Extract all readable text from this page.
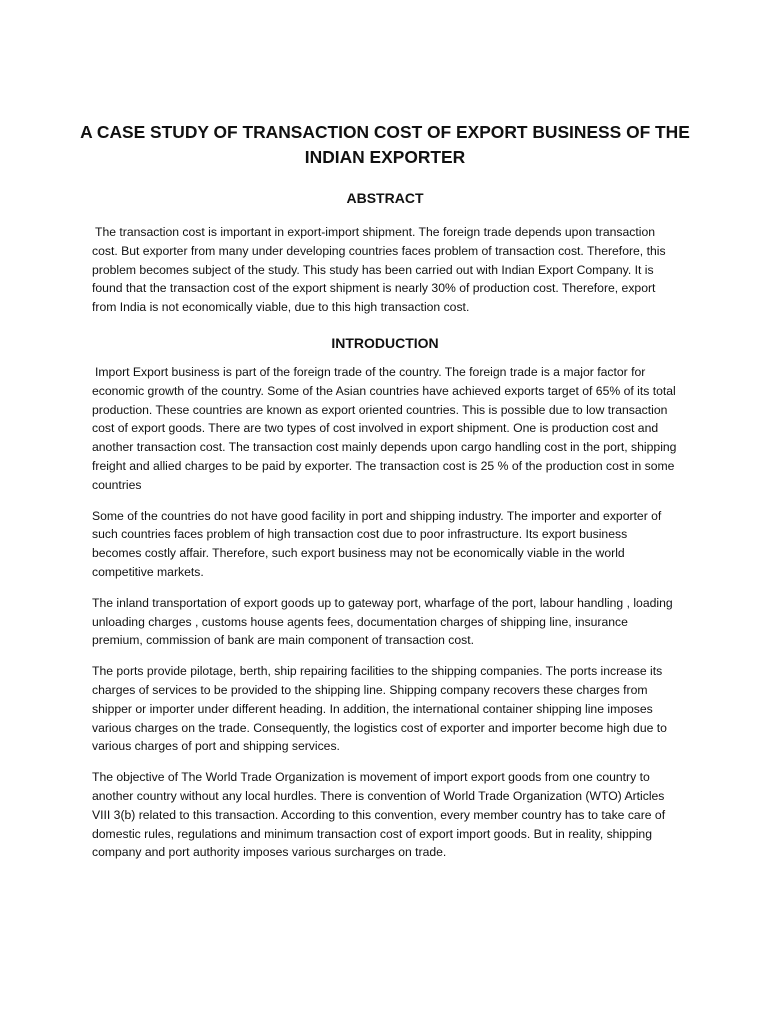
A CASE STUDY OF TRANSACTION COST OF EXPORT BUSINESS OF THE INDIAN EXPORTER
ABSTRACT

The transaction cost is important in export-import shipment. The foreign trade depends upon transaction cost. But exporter from many under developing countries faces problem of transaction cost. Therefore, this problem becomes subject of the study. This study has been carried out with Indian Export Company. It is found that the transaction cost of the export shipment is nearly 30% of production cost. Therefore, export from India is not economically viable, due to this high transaction cost.

INTRODUCTION

Import Export business is part of the foreign trade of the country. The foreign trade is a major factor for economic growth of the country. Some of the Asian countries have achieved exports target of 65% of its total production. These countries are known as export oriented countries. This is possible due to low transaction cost of export goods. There are two types of cost involved in export shipment. One is production cost and another transaction cost. The transaction cost mainly depends upon cargo handling cost in the port, shipping freight and allied charges to be paid by exporter. The transaction cost is 25 % of the production cost in some countries

Some of the countries do not have good facility in port and shipping industry. The importer and exporter of such countries faces problem of high transaction cost due to poor infrastructure. Its export business becomes costly affair. Therefore, such export business may not be economically viable in the world competitive markets.

The inland transportation of export goods up to gateway port, wharfage of the port, labour handling , loading unloading charges , customs house agents fees, documentation charges of shipping line, insurance premium, commission of bank are main component of transaction cost.

The ports provide pilotage, berth, ship repairing facilities to the shipping companies. The ports increase its charges of services to be provided to the shipping line. Shipping company recovers these charges from shipper or importer under different heading. In addition, the international container shipping line imposes various charges on the trade. Consequently, the logistics cost of exporter and importer become high due to various charges of port and shipping services.

The objective of The World Trade Organization is movement of import export goods from one country to another country without any local hurdles. There is convention of World Trade Organization (WTO) Articles VIII 3(b) related to this transaction. According to this convention, every member country has to take care of domestic rules, regulations and minimum transaction cost of export import goods. But in reality, shipping company and port authority imposes various surcharges on trade.
